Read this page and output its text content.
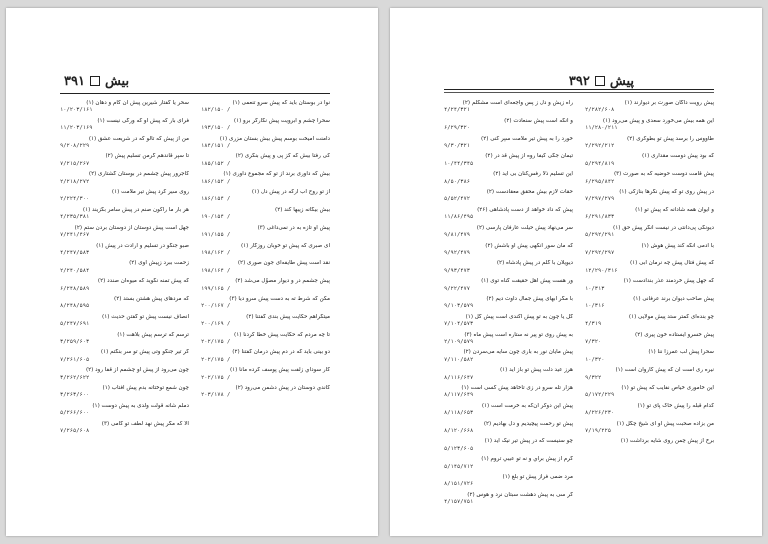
بیش
۳۹۱
نوا در بوستان باید که پیش سرو تنعمی (۱)
۱۸۲/۱۵۰ /
سحرا چشم و ابرویت پیش نگارگر برو (۱)
۱۹۳/۱۵۰ /
دامنت آمیخت بوسم پیش بیش بستان مزری (۱)
۱۸۴/۱۵۱ /
کی رفتا بیش که کز پی و پیش بنگری (۲)
۱۸۵/۱۵۲ /
بیش که داوری برند از تو که مجموع داوری (۱)
۱۸۶/۱۵۲ /
از تو روح آب ارکه در پیش دل (۱)
۱۸۶/۱۵۴ /
بیش بیگانه زیبها کند (۲)
۱۹۰/۱۵۴ /
پیش او تازه به در نمی‌داغی (۳)
۱۹۱/۱۵۵ /
ای صبری که پیش تو خوبان روزگار (۱)
۱۹۸/۱۶۲ /
نقد است پیش طایفه‌ای جون صوری (۲)
۱۹۸/۱۶۴ /
پیش جشمم در و دیوار مصوّل می‌شد (۲)
۱۹۹/۱۶۵ /
مکن که شرط ته به دست پیش سرو دیا (۳)
۲۰۰/۱۶۷ /
میتگراهم حکایت پیش بندی گفتنا (۲)
۲۰۰/۱۶۹ /
تا چه مردم که حکایت پیش خطا کردنا (۱)
۲۰۲/۱۷۵ /
دو بینی باید که در دم پیش درمان گفتنا (۲)
۲۰۲/۱۷۵ /
کار سوداي زلفت پیش پوسف کرده مانا (۱)
۲۰۲/۱۷۵ /
کاندي دوستان در پیش دشمن می‌رود (۲)
۲۰۳/۱۷۸ /
سحر یا گفتار شیرین پیش آن کام و دهان (۱)
۱۰/۲۰۳/۱۶۱
فرای بار که پیش او که ورگی نیست (۱)
۱۱/۲۰۳/۱۶۹
من از پیش که تالو که در شریعت عشق (۱)
۹/۲۰۸/۲۲۹
تا سپر قاندهم گرمن تسلیم پیش (۲)
۷/۲۱۵/۲۶۷
کاجرور پیش چشمم در بوستان گشتاری (۲)
۲/۲۱۸/۲۷۲
روی سیر کرد پیش تیر ملامت (۱)
۲/۲۲۴/۳۰۰
هر بار ما راکون صنم در پیش سامر بگزیند (۱)
۴/۲۳۵/۳۸۱
جهل است پیش دوستان از دوستان بردن ستم (۲)
۷/۲۴۱/۴۶۷
صبو جنگو در تسلیم و ارادت در پیش (۱)
۴/۲۴۷/۵۸۳
زحمت ببرد زپیش اوی (۲)
۲/۲۴۰/۵۸۴
که پیش تمنه نگوید که میوه‌ان صندد (۲)
۶/۲۴۸/۵۸۹
که مردهای پیش هشتن بستد (۲)
۸/۲۴۸/۵۹۵
انصاف نیست پیش تو گفتن حدیث (۱)
۵/۲۴۷/۶۹۱
ترسم که ترسم پیش بلاهت (۱)
۳/۲۵۹/۶۰۳
گر تیر جنگو وتی پیش تو سر بنگتم (۱)
۷/۲۶۱/۶۰۵
چون می‌رود از پیش او چشمم از قفا رود (۲)
۳/۲۶۲/۶۲۲
چون شمع توختانه بدم پیش آفتاب (۱)
۳/۲۶۳/۶۰۰
دملم شانه قولت ولدی به پیش دوست (۱)
۵/۲۶۶/۶۰۰
الا که مگر پیش نهد لطف تو گامی (۳)
۷/۲۶۵/۶۰۸
پیش
۳۹۲
پیش رویت داگان صورت بر دیوارند (۱)
۲/۲۸۲/۶۰۸
این همه بیش می‌خورد سعدی و پیش می‌رود (۱)
۱۱/۲۸۰/۲۱۱
طاووس را برسد پیش تو بطوکری (۲)
۲/۲۹۲/۲۱۲
که بود پیش دوست مقداری (۱)
۵/۲۹۴/۸۱۹
پیش قامت دوست حوضیه که به صورت (۳)
۶/۲۹۵/۸۴۲
در پیش روی تو که پیش نگرها بنازکی (۱)
۷/۲۹۷/۲۷۹
و ایوان همه شادانه که پیش تو (۱)
۶/۲۹۱/۸۳۳
دیونگی پی‌دانتی در نیست انگر پیش حق (۱)
۵/۲۹۲/۲۹۱
با آدمی آنگه کند پیش هوش (۱)
۷/۲۹۲/۲۹۷
که پیش فتال پیش چه نرمان آبی (۱)
۱۲/۲۹۰/۳۱۶
که جهل پیش خردمند عذر بندادست (۱)
۱۰/۳۱۳
پیش صاحب دیوان برند عرفانی (۱)
۱۰/۳۱۶
چو بنده‌ای کمتر ستد پیش مولایی (۱)
۴/۳۱۹
پیش خسرو ایستاده خون پیری (۲)
۷/۳۲۰
سحرا پیش لب عمرزا ننا (۱)
۱۰/۳۲۰
نیره ری است آن که پیش کاروان است (۱)
۹/۳۲۲
این خاموری خیاص نفایب که پیش تو (۱)
۵/۱۷۲/۲۲۹
کدام قبله را پیش خاک پای تو (۱)
۸/۲۲۶/۲۳۰
من بزاده صحبت پیش او ای شیخ چگل (۱)
۷/۱۹/۲۲۵
برخ از پیش چمن روی شایه برداشت (۱)
راه زیش و دل ز پس واجعه‌ای است مشکلم (۲)
۴/۲۴/۳۲۱
و آنگه است پیش سنعادت (۲)
۶/۲۹/۳۲۰
خورد را به پیش تیر ملامت سپر کنی (۲)
۹/۳۰/۳۲۱
تیمان جگی کیفا روه از پیش قد در (۲)
۱۰/۴۴/۳۴۵
این تسلیم ذلا رفس‌کنان بی آید (۲)
۸/۵۰/۳۸۶
حقات لازم بیش محقق معقادست (۲)
۵/۵۲/۴۷۲
پیش که داد خواهد از دست پادشاهی (۲۶)
۱۱/۸۶/۴۹۵
سر می‌نهاد پیش حیلت عارفان پارسی (۲)
۹/۸۱/۴۷۹
که مان سور آنکهی پیش او باشش (۲)
۹/۹۲/۴۷۹
دیویلان با گلم در پیش پادشاه (۲)
۹/۹۳/۴۷۳
ور هست پیش اهل حقیقت گناه توی (۱)
۹/۲۲/۴۷۷
با مگر آبهای پیش جمال داوت دیم (۲)
۹/۱۰۳/۵۷۹
گل یا چون به تو پیش آکندی است پیش گل (۱)
۷/۱۰۴/۵۷۳
به پیش روی تو پیر نه ستاره است پیش ماه (۳)
۲/۱۰۹/۵۷۹
پیش مایان نور به باری چون سایه می‌سردن (۲)
۷/۱۱۰/۵۸۲
هرز عید دلت پیش تو باز آید (۱)
۸/۱۱۶/۶۴۷
هزار تله سرو در زی تاخاهد پیش کسی است (۱)
۸/۱۱۷/۶۴۹
پیش این دوکر آن‌که به خرمت است (۱)
۸/۱۱۸/۶۵۳
پیش تو رحمت پیچیدیم و دل بهادیم (۲)
۸/۱۲۰/۶۶۸
چو سنیست که در پیش تیر نیک آید (۱)
۵/۱۲۳/۶۰۵
گرم از پیش براي و نه تو عیبي تروم (۱)
۵/۱۴۵/۷۱۲
مرد ضمی فراز پیش تو بلغ (۱)
۸/۱۵۱/۷۲۶
گر سی به پیش دهشت سبتان نرد و هوس (۲)
۴/۱۵۷/۷۵۱
